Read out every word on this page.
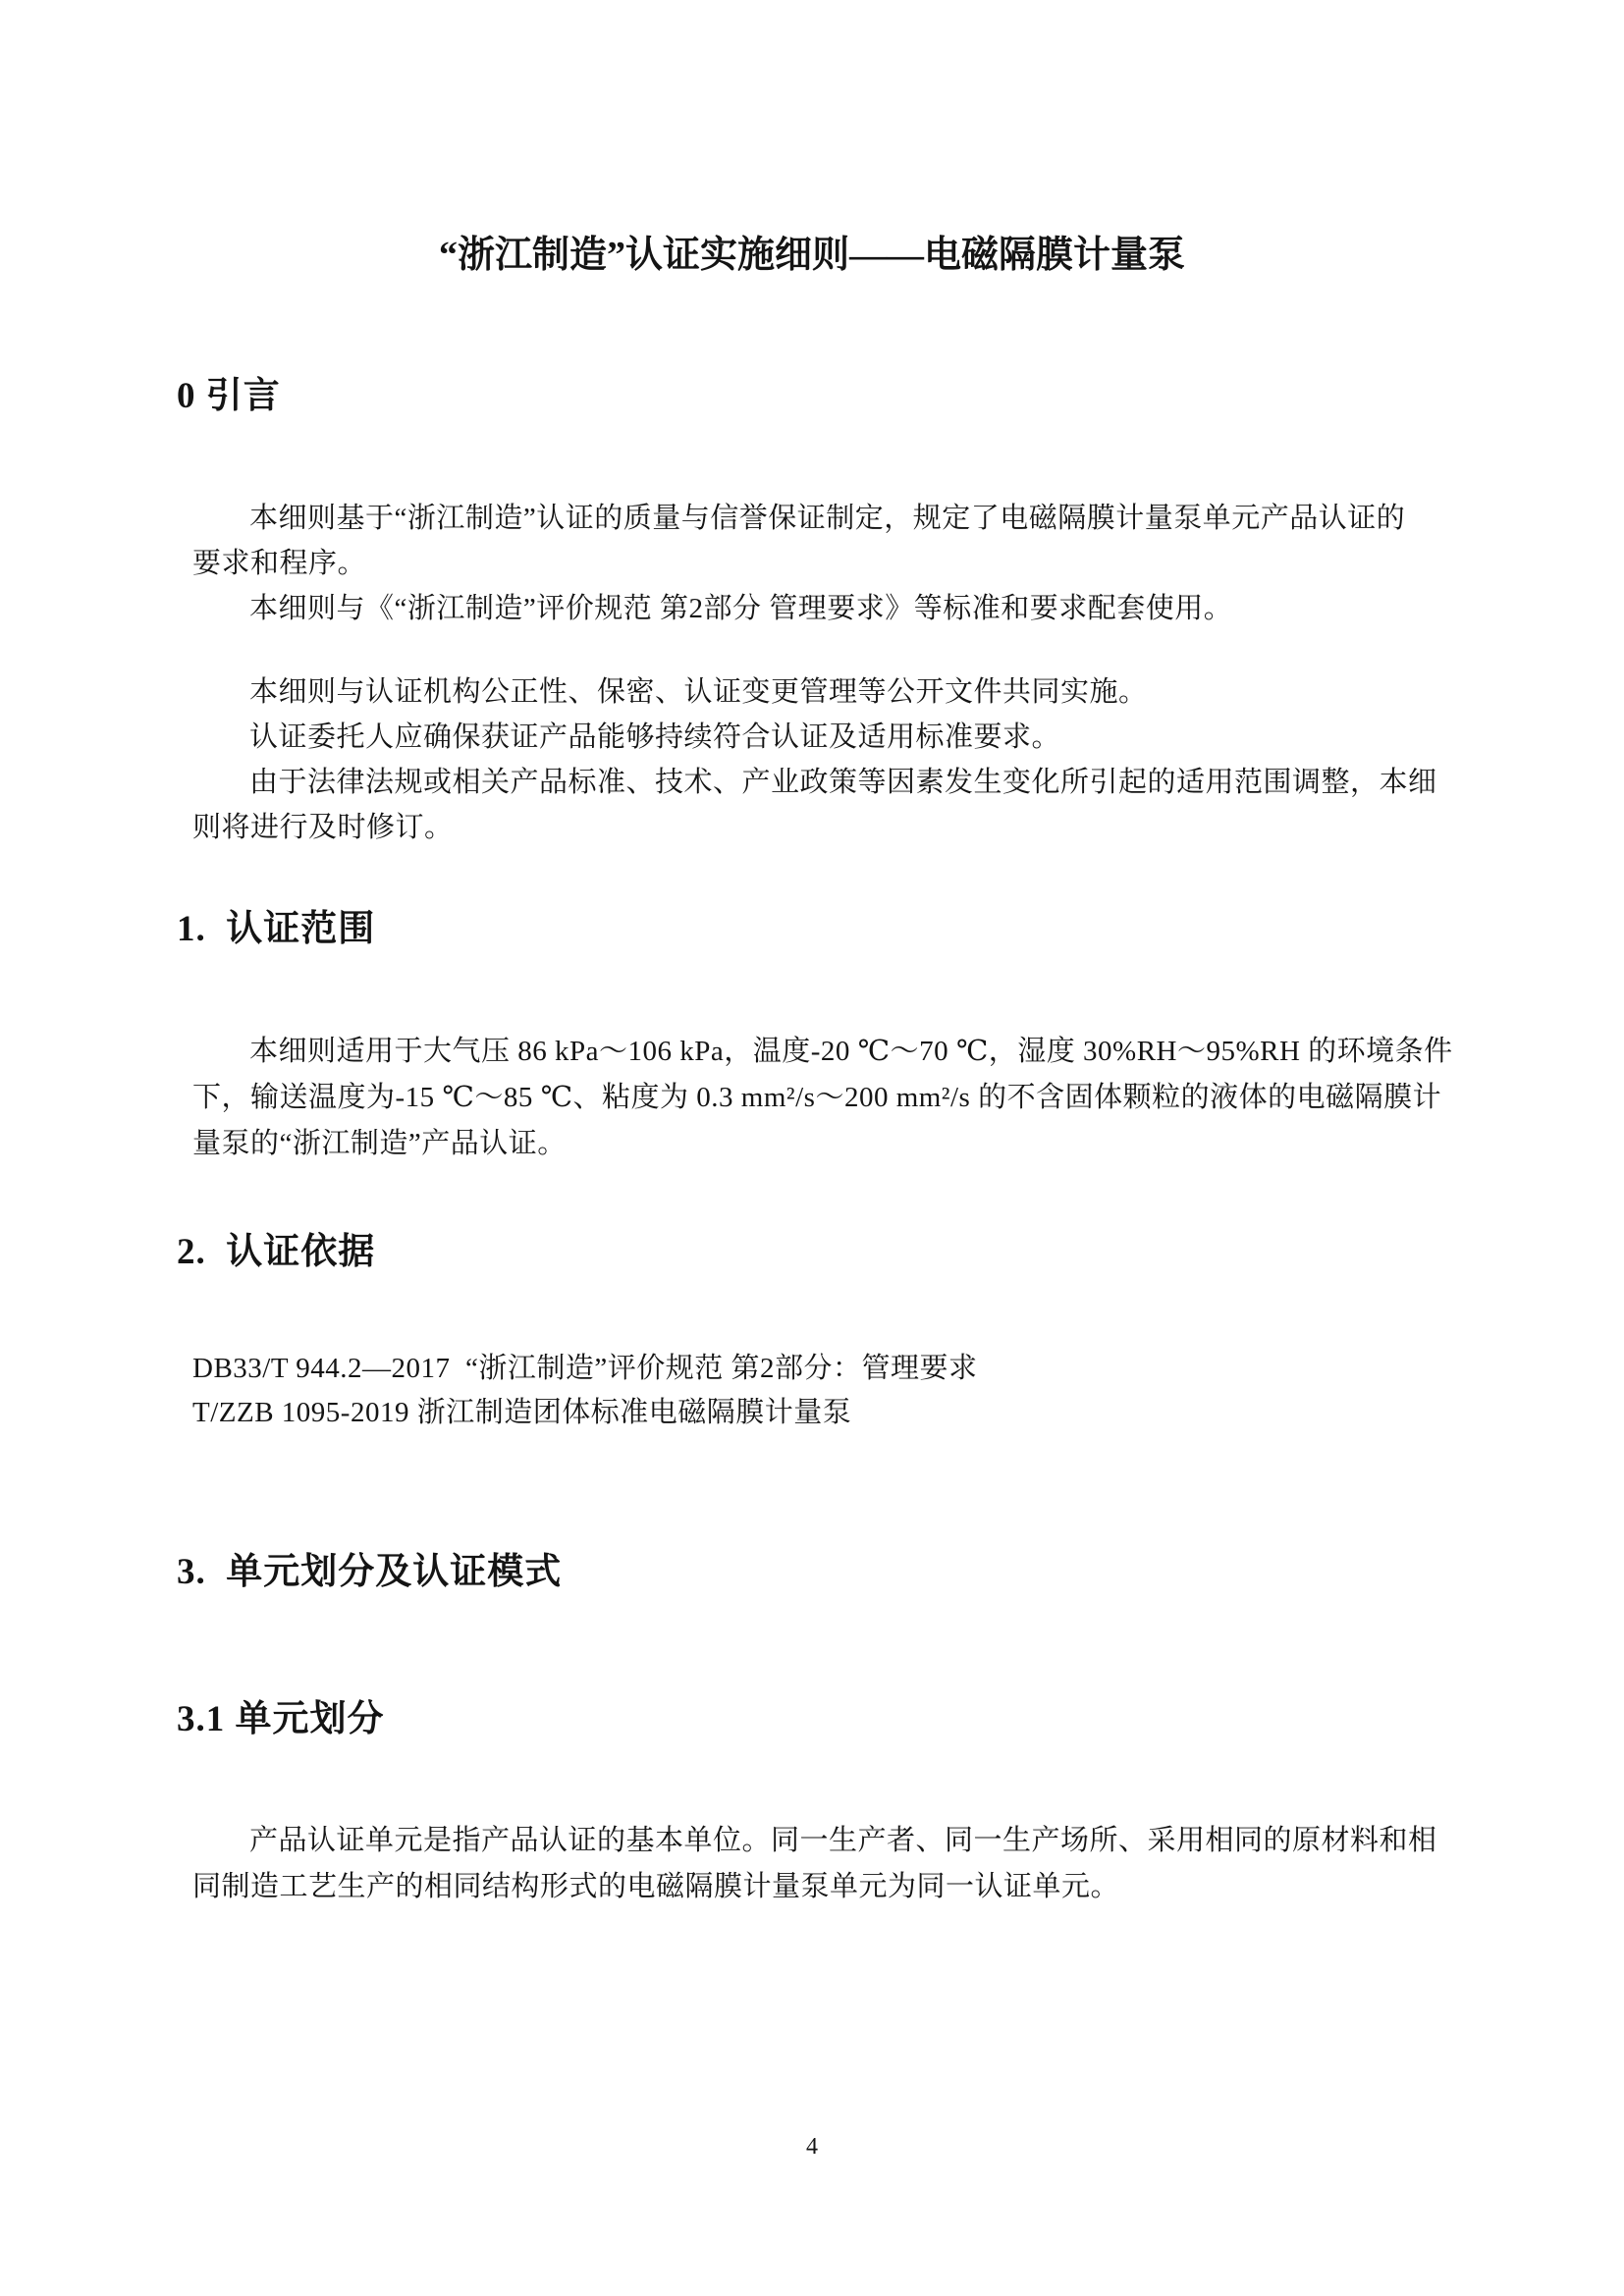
“浙江制造”认证实施细则——电磁隔膜计量泵
0 引言
本细则基于“浙江制造”认证的质量与信誉保证制定，规定了电磁隔膜计量泵单元产品认证的
要求和程序。
本细则与《“浙江制造”评价规范 第2部分 管理要求》等标准和要求配套使用。
本细则与认证机构公正性、保密、认证变更管理等公开文件共同实施。
认证委托人应确保获证产品能够持续符合认证及适用标准要求。
由于法律法规或相关产品标准、技术、产业政策等因素发生变化所引起的适用范围调整，本细
则将进行及时修订。
1.  认证范围
本细则适用于大气压 86 kPa～106 kPa，温度-20 ℃～70 ℃，湿度 30%RH～95%RH 的环境条件
下，输送温度为-15 ℃～85 ℃、粘度为 0.3 mm²/s～200 mm²/s 的不含固体颗粒的液体的电磁隔膜计
量泵的“浙江制造”产品认证。
2.  认证依据
DB33/T 944.2—2017  “浙江制造”评价规范 第2部分：管理要求
T/ZZB 1095-2019 浙江制造团体标准电磁隔膜计量泵
3.  单元划分及认证模式
3.1 单元划分
产品认证单元是指产品认证的基本单位。同一生产者、同一生产场所、采用相同的原材料和相
同制造工艺生产的相同结构形式的电磁隔膜计量泵单元为同一认证单元。
4
